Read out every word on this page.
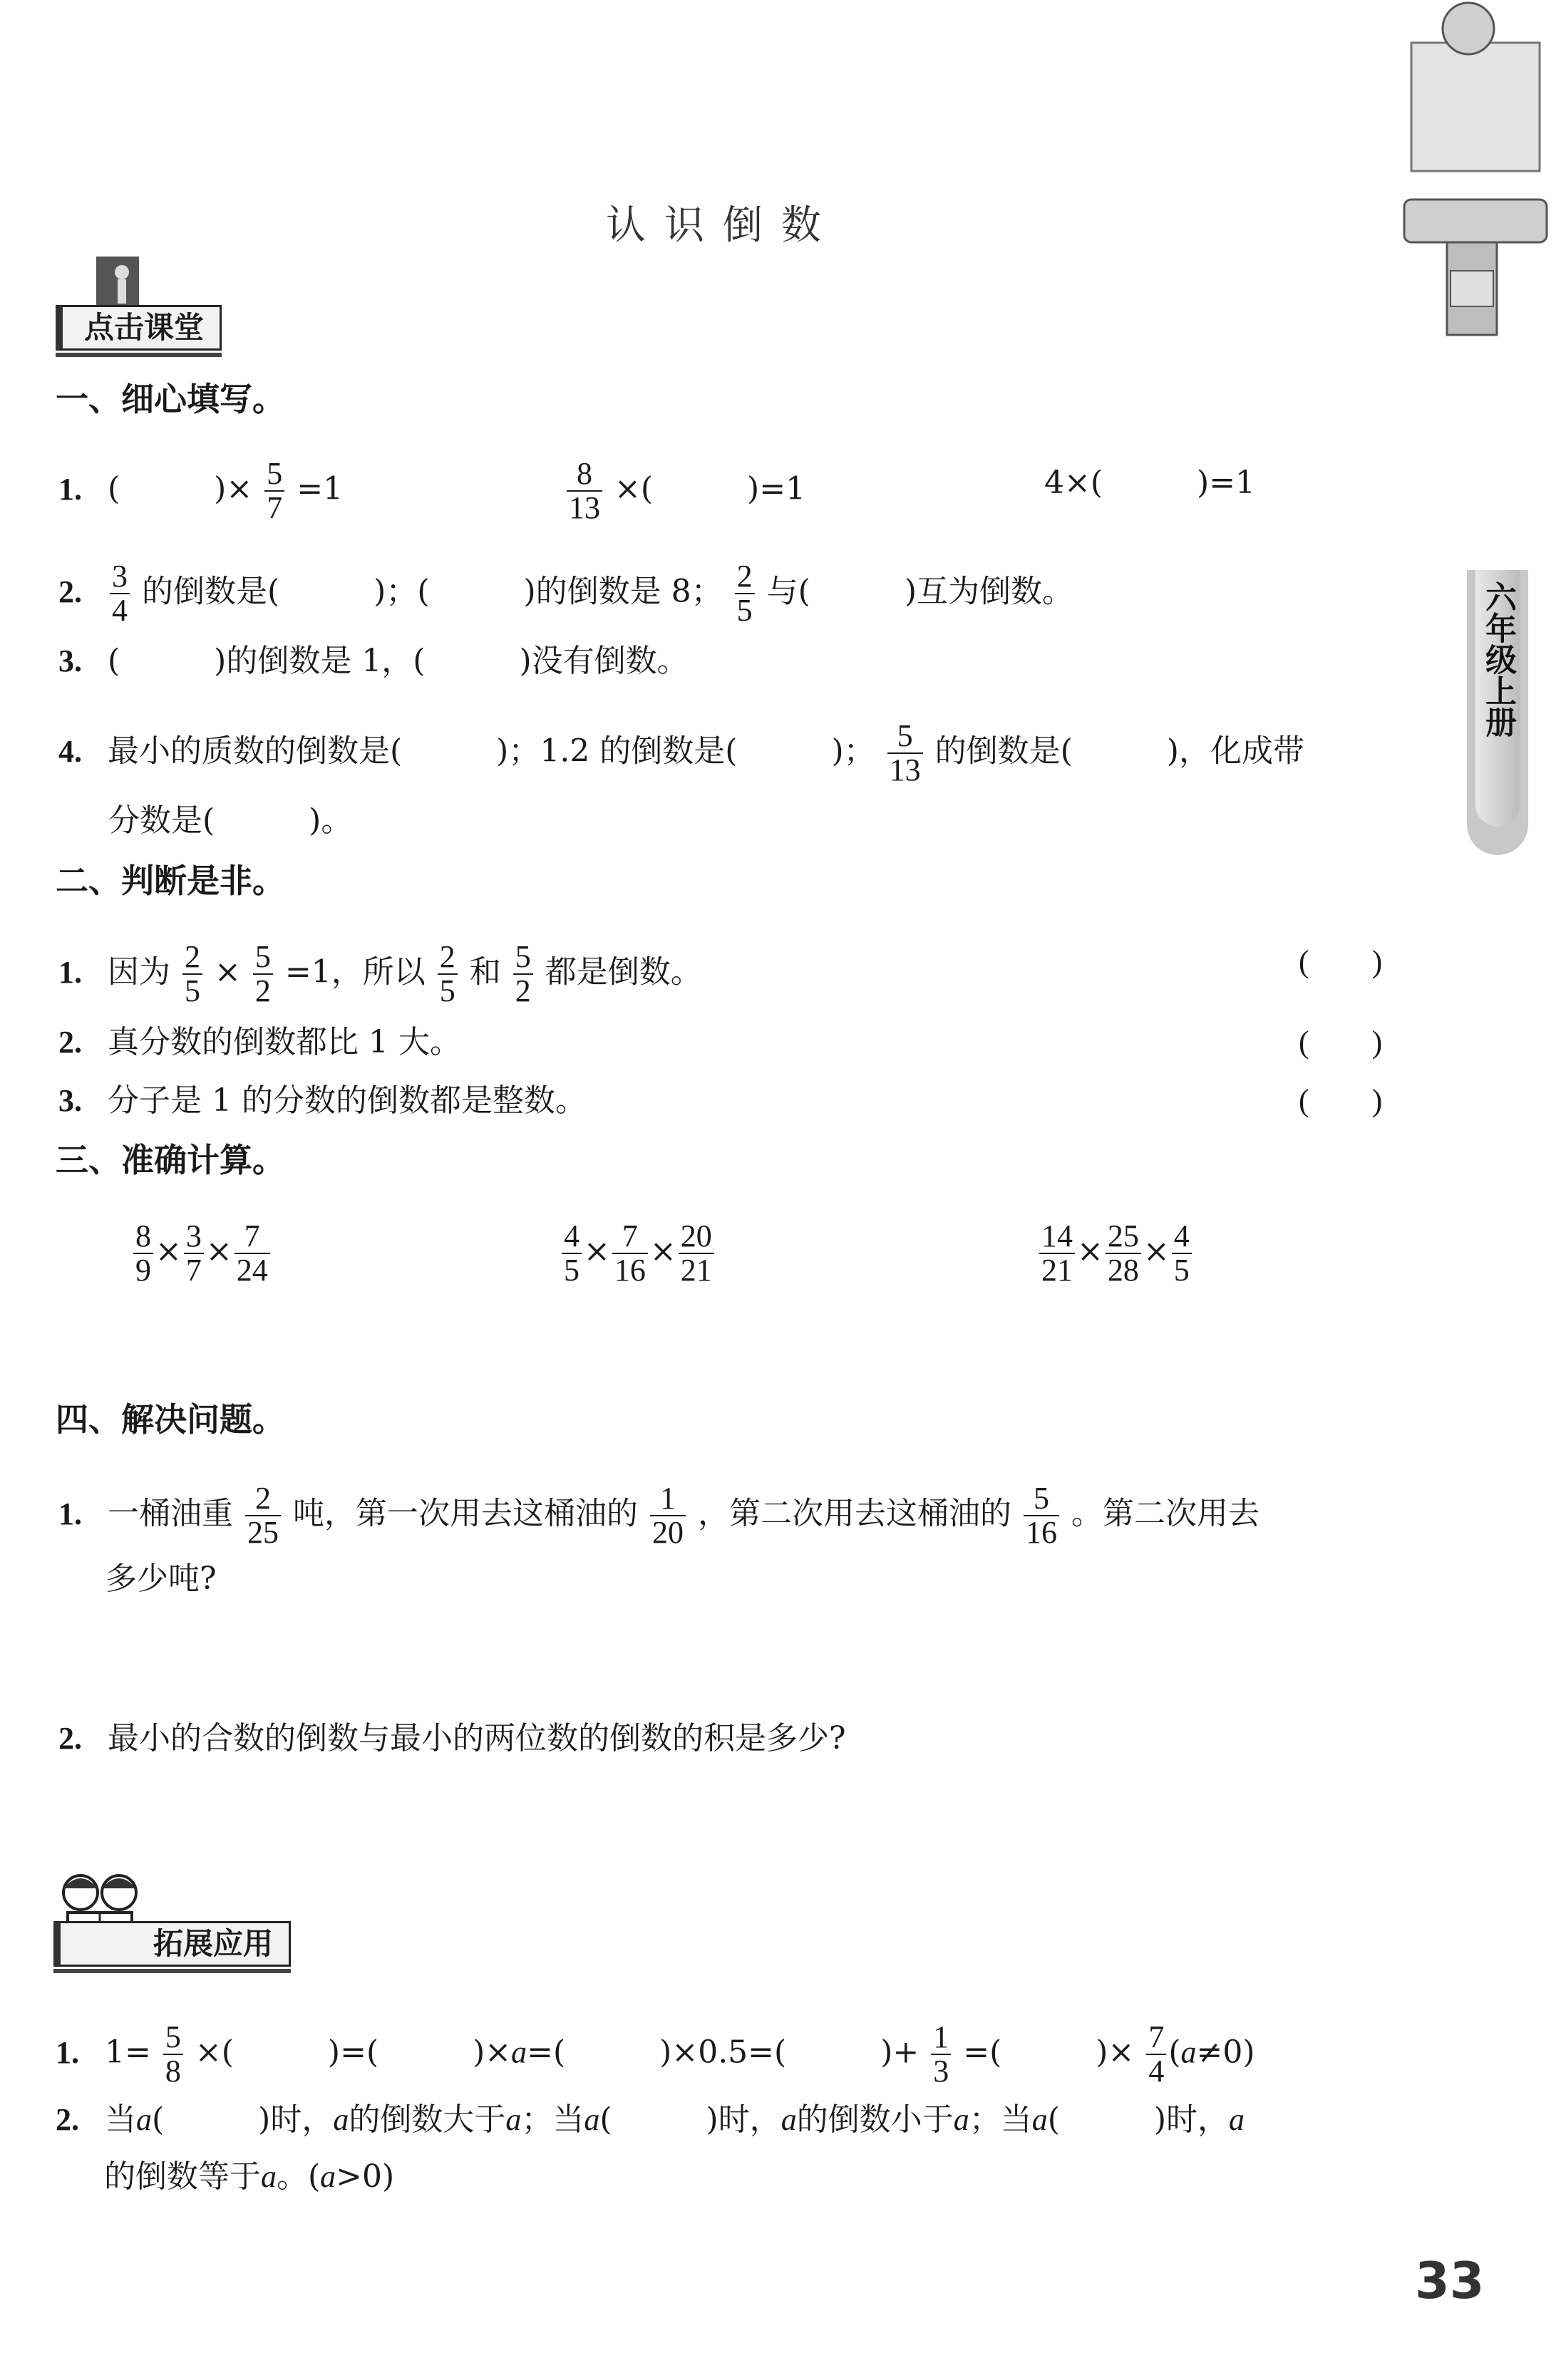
六年级上册
认识倒数
点击课堂
一、细心填写。
1. (　　　)× $\frac{5}{7} =1$	$\frac{8}{13}$ ×(　　　)=1	4×(　　　)=1
2. $\frac{3}{4}$ 的倒数是(　　　)；(　　　)的倒数是 8； $\frac{2}{5}$ 与(　　　)互为倒数。
3. (　　　)的倒数是 1，(　　　)没有倒数。
4. 最小的质数的倒数是(　　　)；1.2 的倒数是(　　　)； $\frac{5}{13}$ 的倒数是(　　　)，化成带
分数是(　　　)。
二、判断是非。
1. 因为 $\frac{2}{5} \times \frac{5}{2} =1$，所以 $\frac{2}{5}$ 和 $\frac{5}{2}$ 都是倒数。	(　　)
2. 真分数的倒数都比 1 大。	(　　)
3. 分子是 1 的分数的倒数都是整数。	(　　)
三、准确计算。
$\frac{8}{9} \times \frac{3}{7} \times \frac{7}{24}$	$\frac{4}{5} \times \frac{7}{16} \times \frac{20}{21}$	$\frac{14}{21} \times \frac{25}{28} \times \frac{4}{5}$
四、解决问题。
1. 一桶油重 $\frac{2}{25}$ 吨，第一次用去这桶油的 $\frac{1}{20}$ ，第二次用去这桶油的 $\frac{5}{16}$ 。第二次用去
多少吨?
2. 最小的合数的倒数与最小的两位数的倒数的积是多少?
拓展应用
1. $1= \frac{5}{8}$ ×(　　　)=(　　　)×a=(　　　)×0.5=(　　　)+ $\frac{1}{3}$ =(　　　)× $\frac{7}{4} (a\ne 0)$
2. 当a(　　　)时，a的倒数大于a；当a(　　　)时，a的倒数小于a；当a(　　　)时，a
的倒数等于a。(a>0)
33
